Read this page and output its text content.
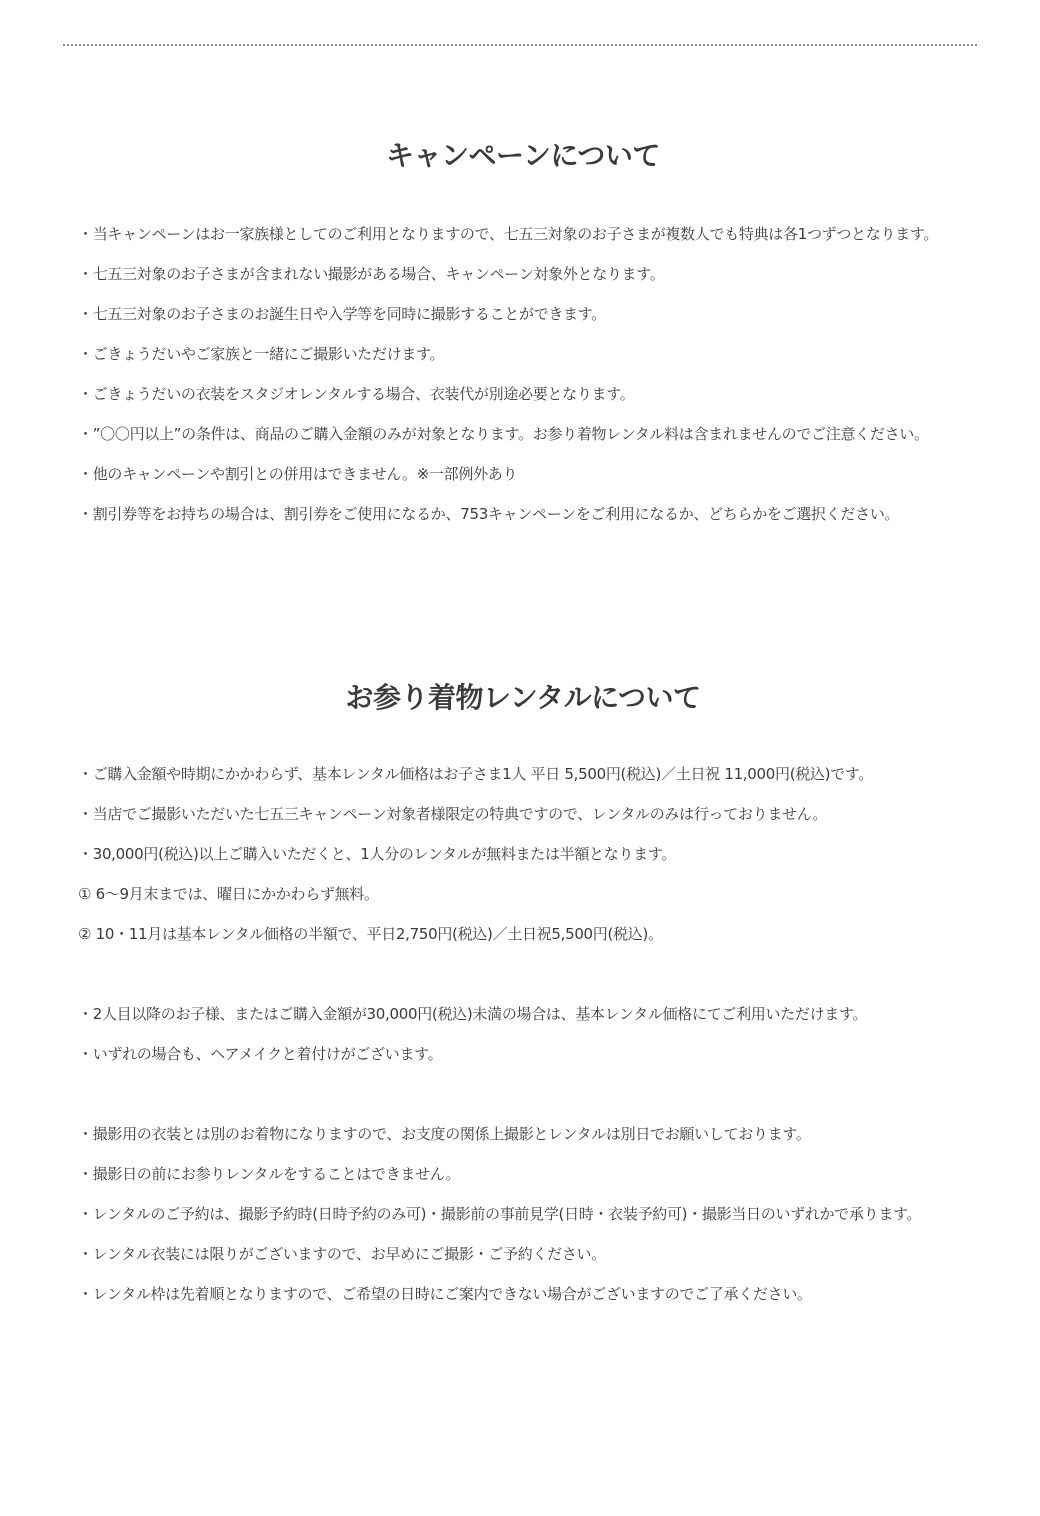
キャンペーンについて

・当キャンペーンはお一家族様としてのご利用となりますので、七五三対象のお子さまが複数人でも特典は各1つずつとなります。

・七五三対象のお子さまが含まれない撮影がある場合、キャンペーン対象外となります。

・七五三対象のお子さまのお誕生日や入学等を同時に撮影することができます。

・ごきょうだいやご家族と一緒にご撮影いただけます。

・ごきょうだいの衣装をスタジオレンタルする場合、衣装代が別途必要となります。

・”〇〇円以上”の条件は、商品のご購入金額のみが対象となります。お参り着物レンタル料は含まれませんのでご注意ください。

・他のキャンペーンや割引との併用はできません。※一部例外あり

・割引券等をお持ちの場合は、割引券をご使用になるか、753キャンペーンをご利用になるか、どちらかをご選択ください。

お参り着物レンタルについて

・ご購入金額や時期にかかわらず、基本レンタル価格はお子さま1人 平日 5,500円(税込)／土日祝 11,000円(税込)です。

・当店でご撮影いただいた七五三キャンペーン対象者様限定の特典ですので、レンタルのみは行っておりません。

・30,000円(税込)以上ご購入いただくと、1人分のレンタルが無料または半額となります。

① 6〜9月末までは、曜日にかかわらず無料。

② 10・11月は基本レンタル価格の半額で、平日2,750円(税込)／土日祝5,500円(税込)。

・2人目以降のお子様、またはご購入金額が30,000円(税込)未満の場合は、基本レンタル価格にてご利用いただけます。

・いずれの場合も、ヘアメイクと着付けがございます。

・撮影用の衣装とは別のお着物になりますので、お支度の関係上撮影とレンタルは別日でお願いしております。

・撮影日の前にお参りレンタルをすることはできません。

・レンタルのご予約は、撮影予約時(日時予約のみ可)・撮影前の事前見学(日時・衣装予約可)・撮影当日のいずれかで承ります。

・レンタル衣装には限りがございますので、お早めにご撮影・ご予約ください。

・レンタル枠は先着順となりますので、ご希望の日時にご案内できない場合がございますのでご了承ください。
